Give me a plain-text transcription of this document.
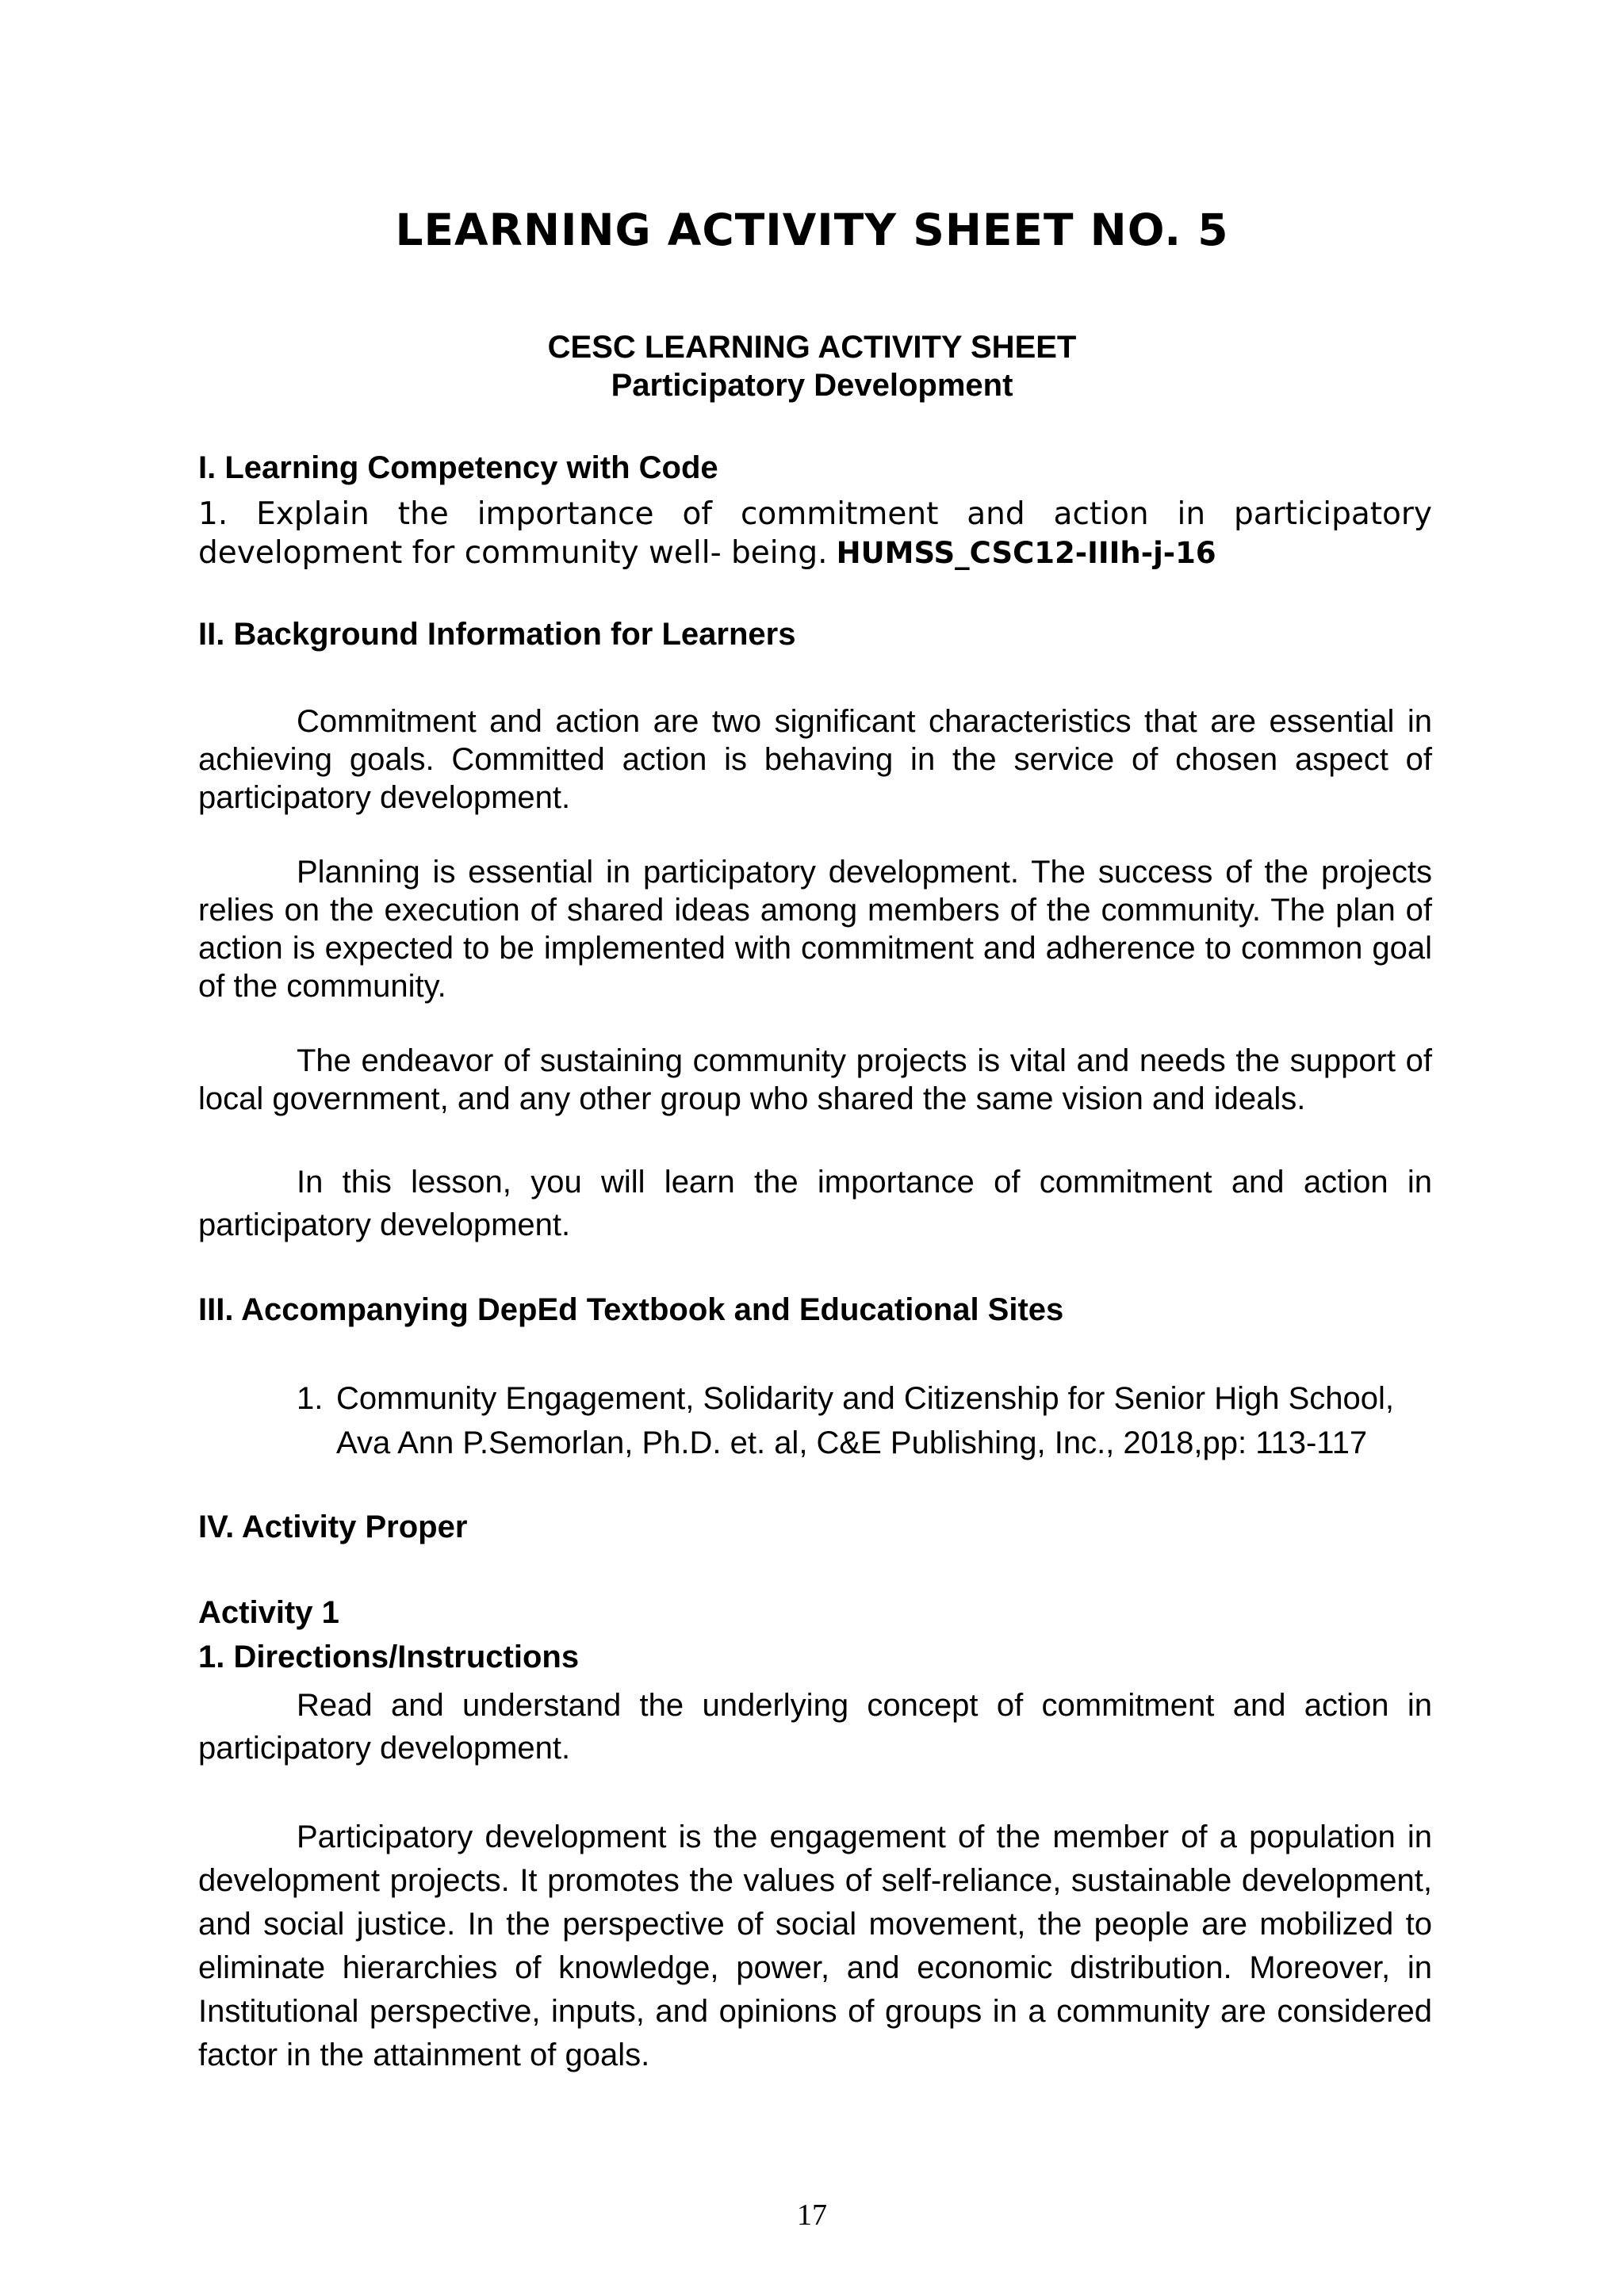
LEARNING ACTIVITY SHEET NO. 5

CESC LEARNING ACTIVITY SHEET

Participatory Development

I. Learning Competency with Code

1. Explain the importance of commitment and action in participatory development for community well- being. HUMSS_CSC12-IIIh-j-16

II. Background Information for Learners

Commitment and action are two significant characteristics that are essential in achieving goals. Committed action is behaving in the service of chosen aspect of participatory development.

Planning is essential in participatory development. The success of the projects relies on the execution of shared ideas among members of the community. The plan of action is expected to be implemented with commitment and adherence to common goal of the community.

The endeavor of sustaining community projects is vital and needs the support of local government, and any other group who shared the same vision and ideals.

In this lesson, you will learn the importance of commitment and action in participatory development.

III. Accompanying DepEd Textbook and Educational Sites
1. Community Engagement, Solidarity and Citizenship for Senior High School,
Ava Ann P.Semorlan, Ph.D. et. al, C&E Publishing, Inc., 2018,pp: 113-117
IV. Activity Proper
Activity 1
1. Directions/Instructions

Read and understand the underlying concept of commitment and action in participatory development.

Participatory development is the engagement of the member of a population in development projects. It promotes the values of self-reliance, sustainable development, and social justice. In the perspective of social movement, the people are mobilized to eliminate hierarchies of knowledge, power, and economic distribution. Moreover, in Institutional perspective, inputs, and opinions of groups in a community are considered factor in the attainment of goals.

17
